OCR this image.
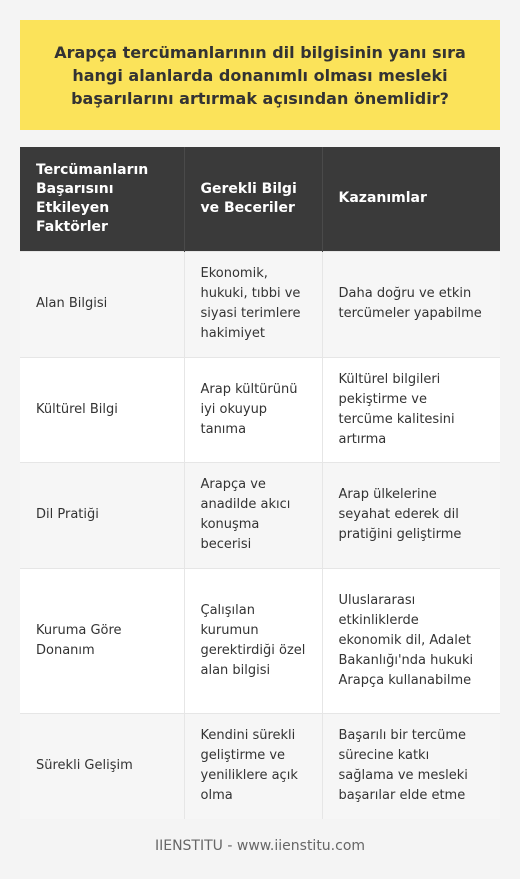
Arapça tercümanlarının dil bilgisinin yanı sıra hangi alanlarda donanımlı olması mesleki başarılarını artırmak açısından önemlidir?
Tercümanların Başarısını Etkileyen Faktörler	Gerekli Bilgi ve Beceriler	Kazanımlar
Alan Bilgisi	Ekonomik, hukuki, tıbbi ve siyasi terimlere hakimiyet	Daha doğru ve etkin tercümeler yapabilme
Kültürel Bilgi	Arap kültürünü iyi okuyup tanıma	Kültürel bilgileri pekiştirme ve tercüme kalitesini artırma
Dil Pratiği	Arapça ve anadilde akıcı konuşma becerisi	Arap ülkelerine seyahat ederek dil pratiğini geliştirme
Kuruma Göre Donanım	Çalışılan kurumun gerektirdiği özel alan bilgisi	Uluslararası etkinliklerde ekonomik dil, Adalet Bakanlığı'nda hukuki Arapça kullanabilme
Sürekli Gelişim	Kendini sürekli geliştirme ve yeniliklere açık olma	Başarılı bir tercüme sürecine katkı sağlama ve mesleki başarılar elde etme
IIENSTITU - www.iienstitu.com
